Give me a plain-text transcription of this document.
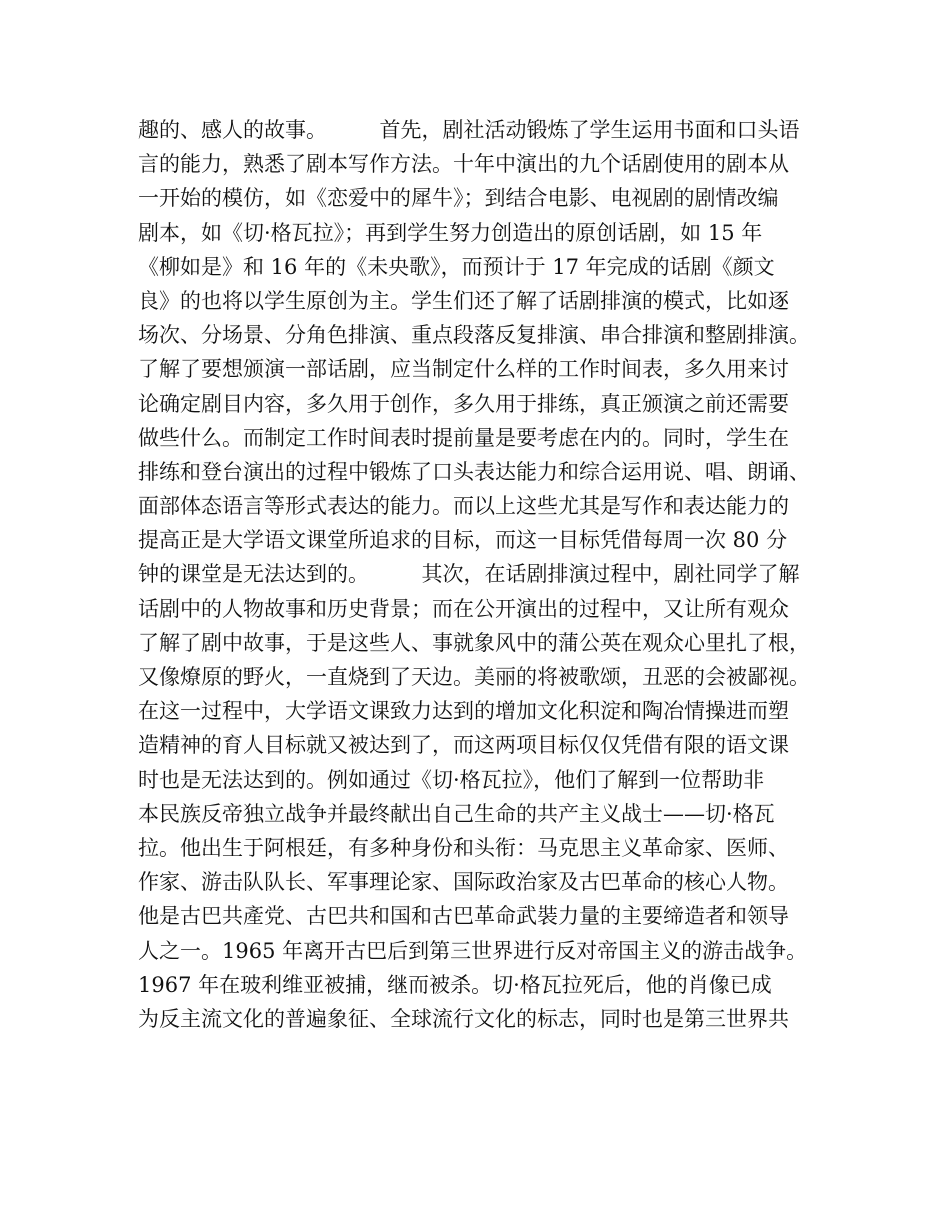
趣的、感人的故事。　　　首先，剧社活动锻炼了学生运用书面和口头语
言的能力，熟悉了剧本写作方法。十年中演出的九个话剧使用的剧本从
一开始的模仿，如《恋爱中的犀牛》；到结合电影、电视剧的剧情改编
剧本，如《切·格瓦拉》；再到学生努力创造出的原创话剧，如 15 年
《柳如是》和 16 年的《未央歌》，而预计于 17 年完成的话剧《颜文
良》的也将以学生原创为主。学生们还了解了话剧排演的模式，比如逐
场次、分场景、分角色排演、重点段落反复排演、串合排演和整剧排演。
了解了要想颁演一部话剧，应当制定什么样的工作时间表，多久用来讨
论确定剧目内容，多久用于创作，多久用于排练，真正颁演之前还需要
做些什么。而制定工作时间表时提前量是要考虑在内的。同时，学生在
排练和登台演出的过程中锻炼了口头表达能力和综合运用说、唱、朗诵、
面部体态语言等形式表达的能力。而以上这些尤其是写作和表达能力的
提高正是大学语文课堂所追求的目标，而这一目标凭借每周一次 80 分
钟的课堂是无法达到的。　　　其次，在话剧排演过程中，剧社同学了解
话剧中的人物故事和历史背景；而在公开演出的过程中，又让所有观众
了解了剧中故事，于是这些人、事就象风中的蒲公英在观众心里扎了根，
又像燎原的野火，一直烧到了天边。美丽的将被歌颂，丑恶的会被鄙视。
在这一过程中，大学语文课致力达到的增加文化积淀和陶冶情操进而塑
造精神的育人目标就又被达到了，而这两项目标仅仅凭借有限的语文课
时也是无法达到的。例如通过《切·格瓦拉》，他们了解到一位帮助非
本民族反帝独立战争并最终献出自己生命的共产主义战士——切·格瓦
拉。他出生于阿根廷，有多种身份和头衔：马克思主义革命家、医师、
作家、游击队队长、军事理论家、国际政治家及古巴革命的核心人物。
他是古巴共產党、古巴共和国和古巴革命武裝力量的主要缔造者和领导
人之一。1965 年离开古巴后到第三世界进行反对帝国主义的游击战争。
1967 年在玻利维亚被捕，继而被杀。切·格瓦拉死后，他的肖像已成
为反主流文化的普遍象征、全球流行文化的标志，同时也是第三世界共
